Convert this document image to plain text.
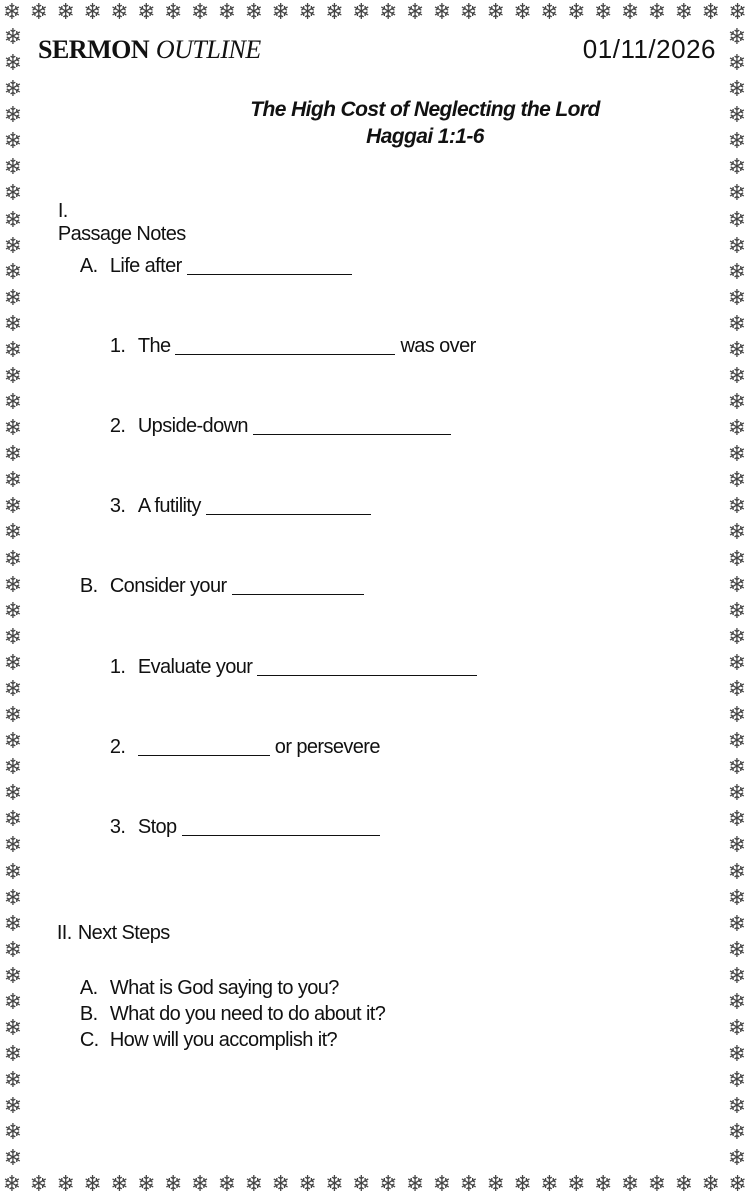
❄ ❄ ❄ ❄ ❄ ❄ ❄ ❄ ❄ ❄ ❄ ❄ ❄ ❄ ❄ ❄ ❄ ❄ ❄ ❄ ❄ ❄ ❄ ❄ ❄ ❄ ❄ ❄
❄ ❄ ❄ ❄ ❄ ❄ ❄ ❄ ❄ ❄ ❄ ❄ ❄ ❄ ❄ ❄ ❄ ❄ ❄ ❄ ❄ ❄ ❄ ❄ ❄ ❄ ❄ ❄
❄
❄
❄
❄
❄
❄
❄
❄
❄
❄
❄
❄
❄
❄
❄
❄
❄
❄
❄
❄
❄
❄
❄
❄
❄
❄
❄
❄
❄
❄
❄
❄
❄
❄
❄
❄
❄
❄
❄
❄
❄
❄
❄
❄
❄
❄
❄
❄
❄
❄
❄
❄
❄
❄
❄
❄
❄
❄
❄
❄
❄
❄
❄
❄
❄
❄
❄
❄
❄
❄
❄
❄
❄
❄
❄
❄
❄
❄
❄
❄
❄
❄
❄
❄
❄
❄
❄
❄
SERMON OUTLINE	01/11/2026
The High Cost of Neglecting the Lord
Haggai 1:1-6

I.
Passage Notes

A. Life after

1. The	was over

2. Upside-down

3. A futility

B. Consider your

1. Evaluate your

2.	or persevere

3. Stop

II. Next Steps

A. What is God saying to you?

B. What do you need to do about it?

C. How will you accomplish it?
